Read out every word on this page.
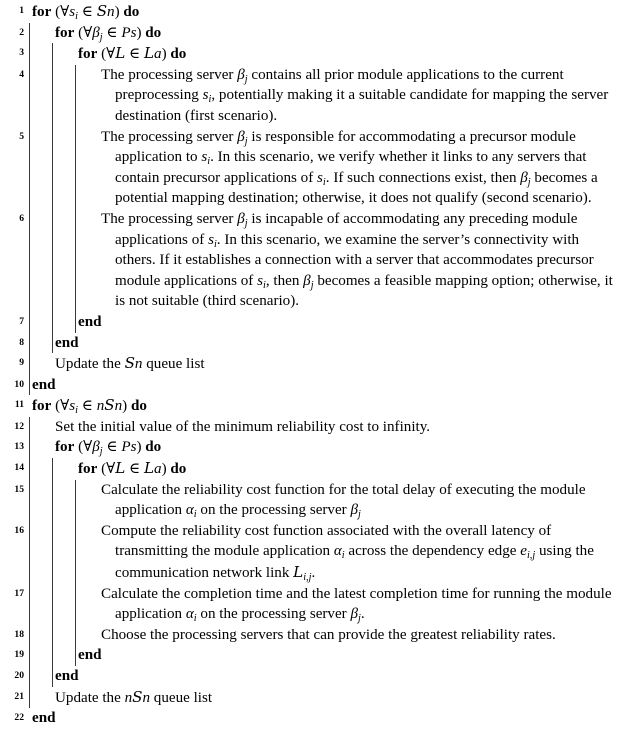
1 for ($\forall s_i$ ∈ Sn) do
2 for ($\forall\beta_j$ ∈ Ps) do
3	for (∀L ∈ La) do
4	The processing server $\beta_j$ contains all prior module applications to the current preprocessing $s_i$, potentially making it a suitable candidate for mapping the server destination (first scenario).
5	The processing server $\beta_j$ is responsible for accommodating a precursor module application to $s_i$. In this scenario, we verify whether it links to any servers that contain precursor applications of $s_i$. If such connections exist, then $\beta_j$ becomes a potential mapping destination; otherwise, it does not qualify (second scenario).
6	The processing server $\beta_j$ is incapable of accommodating any preceding module applications of $s_i$. In this scenario, we examine the server’s connectivity with others. If it establishes a connection with a server that accommodates precursor module applications of $s_i$, then $\beta_j$ becomes a feasible mapping option; otherwise, it is not suitable (third scenario).
7	end
8 end
9 Update the Sn queue list
10 end
11 for ($\forall s_i$ ∈ nSn) do
12 Set the initial value of the minimum reliability cost to infinity.
13 for ($\forall\beta_j$ ∈ Ps) do
14	for (∀L ∈ La) do
15	Calculate the reliability cost function for the total delay of executing the module application $\alpha_i$ on the processing server $\beta_j$
16	Compute the reliability cost function associated with the overall latency of transmitting the module application $\alpha_i$ across the dependency edge $e_{i,j}$ using the communication network link $L_{i,j}$.
17	Calculate the completion time and the latest completion time for running the module application $\alpha_i$ on the processing server $\beta_j$.
18	Choose the processing servers that can provide the greatest reliability rates.
19	end
20 end
21 Update the nSn queue list
22 end
